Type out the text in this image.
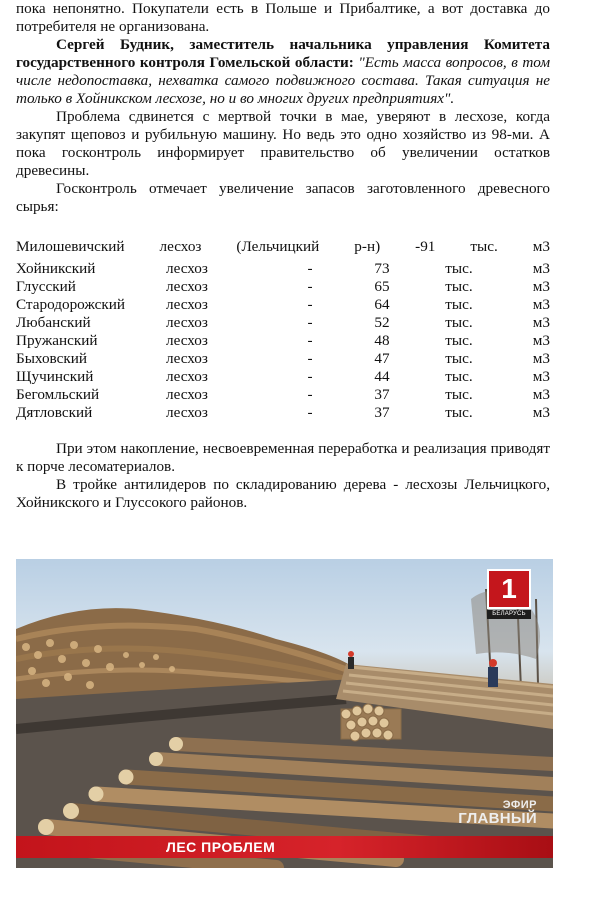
пока непонятно. Покупатели есть в Польше и Прибалтике, а вот доставка до потребителя не организована.

Сергей Будник, заместитель начальника управления Комитета государственного контроля Гомельской области: "Есть масса вопросов, в том числе недопоставка, нехватка самого подвижного состава. Такая ситуация не только в Хойникском лесхозе, но и во многих других предприятиях".

Проблема сдвинется с мертвой точки в мае, уверяют в лесхозе, когда закупят щеповоз и рубильную машину. Но ведь это одно хозяйство из 98-ми. А пока госконтроль информирует правительство об увеличении остатков древесины.

Госконтроль отмечает увеличение запасов заготовленного древесного сырья:

Милошевичский лесхоз (Лельчицкий р-н) -91 тыс. м3

Хойникский	лесхоз	-	73	тыс.	м3
Глусский	лесхоз	-	65	тыс.	м3
Стародорожский	лесхоз	-	64	тыс.	м3
Любанский	лесхоз	-	52	тыс.	м3
Пружанский	лесхоз	-	48	тыс.	м3
Быховский	лесхоз	-	47	тыс.	м3
Щучинский	лесхоз	-	44	тыс.	м3
Бегомльский	лесхоз	-	37	тыс.	м3
Дятловский	лесхоз	-	37	тыс.	м3

При этом накопление, несвоевременная переработка и реализация приводят к порче лесоматериалов.

В тройке антилидеров по складированию дерева - лесхозы Лельчицкого, Хойникского и Глуссокого районов.

1
БЕЛАРУСЬ
ЭФИР
ГЛАВНЫЙ
ЛЕС ПРОБЛЕМ
